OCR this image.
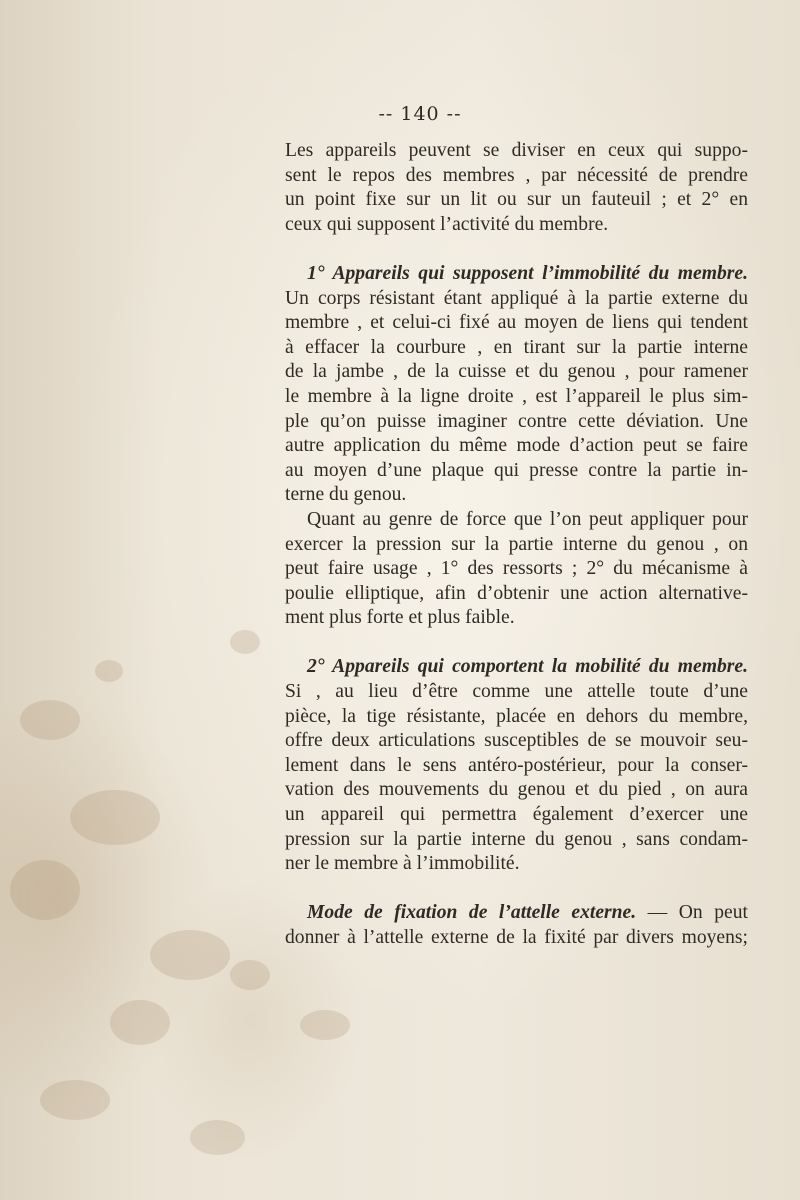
-- 140 --
Les appareils peuvent se diviser en ceux qui suppo-
sent le repos des membres , par nécessité de prendre
un point fixe sur un lit ou sur un fauteuil ; et 2° en
ceux qui supposent l’activité du membre.
1° Appareils qui supposent l’immobilité du membre.
Un corps résistant étant appliqué à la partie externe du
membre , et celui-ci fixé au moyen de liens qui tendent
à effacer la courbure , en tirant sur la partie interne
de la jambe , de la cuisse et du genou , pour ramener
le membre à la ligne droite , est l’appareil le plus sim-
ple qu’on puisse imaginer contre cette déviation. Une
autre application du même mode d’action peut se faire
au moyen d’une plaque qui presse contre la partie in-
terne du genou.
Quant au genre de force que l’on peut appliquer pour
exercer la pression sur la partie interne du genou , on
peut faire usage , 1° des ressorts ; 2° du mécanisme à
poulie elliptique, afin d’obtenir une action alternative-
ment plus forte et plus faible.
2° Appareils qui comportent la mobilité du membre.
Si , au lieu d’être comme une attelle toute d’une
pièce, la tige résistante, placée en dehors du membre,
offre deux articulations susceptibles de se mouvoir seu-
lement dans le sens antéro-postérieur, pour la conser-
vation des mouvements du genou et du pied , on aura
un appareil qui permettra également d’exercer une
pression sur la partie interne du genou , sans condam-
ner le membre à l’immobilité.
Mode de fixation de l’attelle externe. — On peut
donner à l’attelle externe de la fixité par divers moyens;
